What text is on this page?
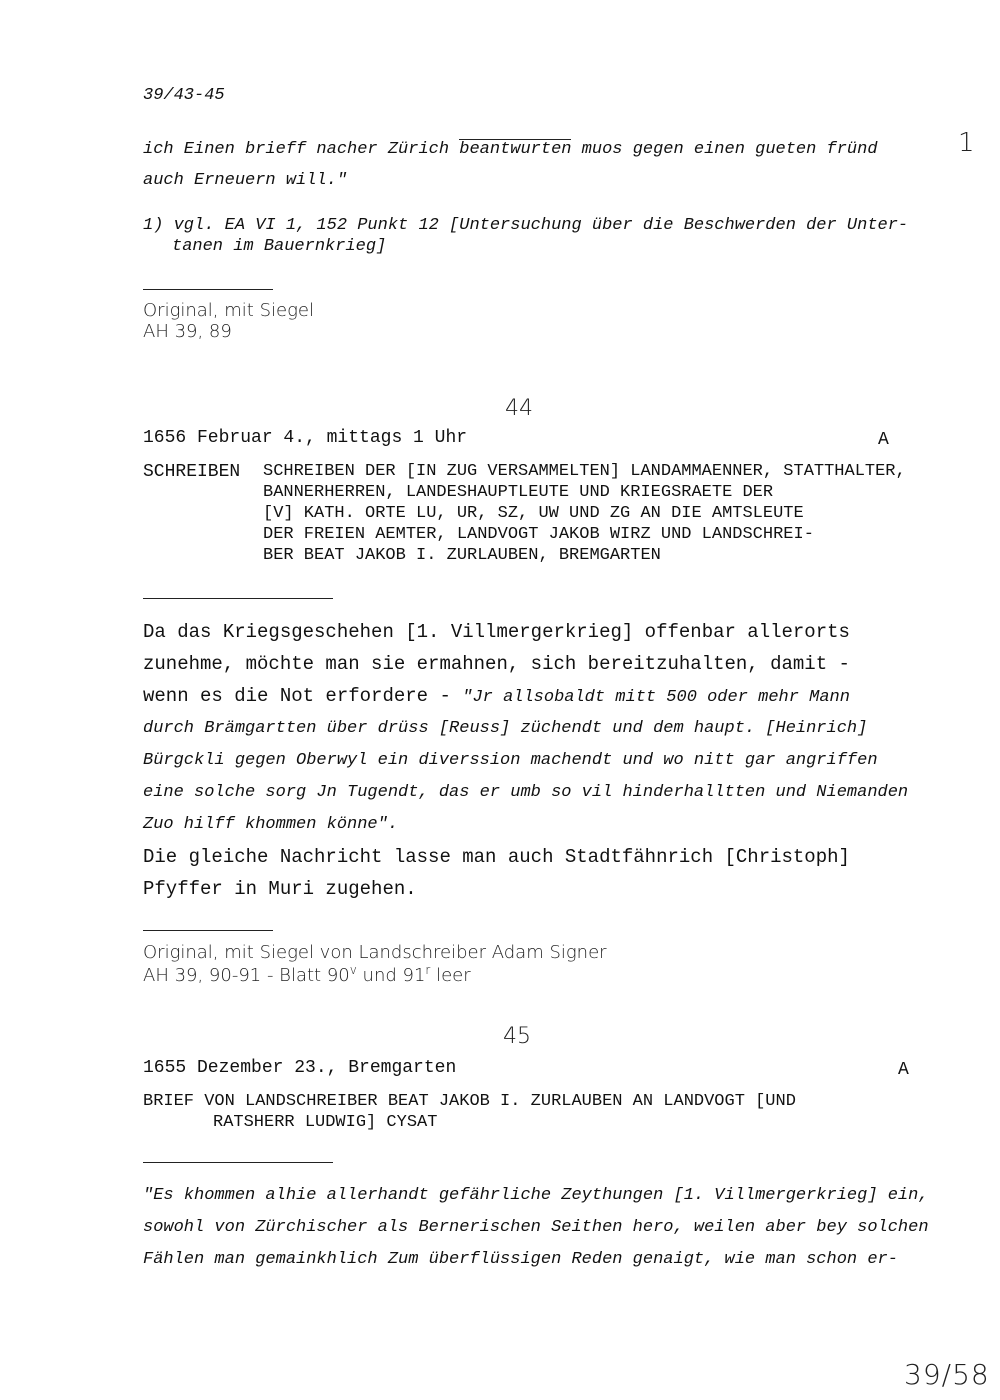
39/43-45
1
ich Einen brieff nacher Zürich beantwurten muos gegen einen gueten fründ
auch Erneuern will."
1) vgl. EA VI 1, 152 Punkt 12 [Untersuchung über die Beschwerden der Unter-
tanen im Bauernkrieg]
Original, mit Siegel
AH 39, 89
44
1656 Februar 4., mittags 1 Uhr	A
SCHREIBEN SCHREIBEN DER [IN ZUG VERSAMMELTEN] LANDAMMAENNER, STATTHALTER,
BANNERHERREN, LANDESHAUPTLEUTE UND KRIEGSRAETE DER
[V] KATH. ORTE LU, UR, SZ, UW UND ZG AN DIE AMTSLEUTE
DER FREIEN AEMTER, LANDVOGT JAKOB WIRZ UND LANDSCHREI-
BER BEAT JAKOB I. ZURLAUBEN, BREMGARTEN
Da das Kriegsgeschehen [1. Villmergerkrieg] offenbar allerorts
zunehme, möchte man sie ermahnen, sich bereitzuhalten, damit -
wenn es die Not erfordere - "Jr allsobaldt mitt 500 oder mehr Mann
durch Brämgartten über drüss [Reuss] züchendt und dem haupt. [Heinrich]
Bürgckli gegen Oberwyl ein diverssion machendt und wo nitt gar angriffen
eine solche sorg Jn Tugendt, das er umb so vil hinderhalltten und Niemanden
Zuo hilff khommen könne".
Die gleiche Nachricht lasse man auch Stadtfähnrich [Christoph]
Pfyffer in Muri zugehen.
Original, mit Siegel von Landschreiber Adam Signer
AH 39, 90-91 - Blatt 90$^v$ und 91$^r$ leer
45
1655 Dezember 23., Bremgarten	A
BRIEF VON LANDSCHREIBER BEAT JAKOB I. ZURLAUBEN AN LANDVOGT [UND
RATSHERR LUDWIG] CYSAT
"Es khommen alhie allerhandt gefährliche Zeythungen [1. Villmergerkrieg] ein,
sowohl von Zürchischer als Bernerischen Seithen hero, weilen aber bey solchen
Fählen man gemainkhlich Zum überflüssigen Reden genaigt, wie man schon er-
39/58
